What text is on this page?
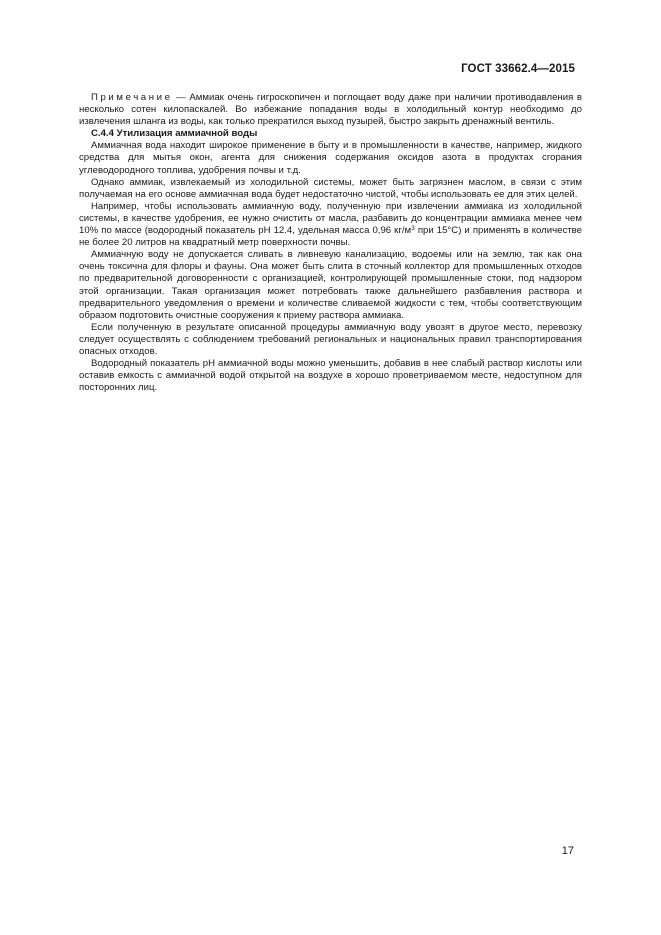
ГОСТ 33662.4—2015

Примечание — Аммиак очень гигроскопичен и поглощает воду даже при наличии противодавления в несколько сотен килопаскалей. Во избежание попадания воды в холодильный контур необходимо до извлечения шланга из воды, как только прекратился выход пузырей, быстро закрыть дренажный вентиль.

С.4.4 Утилизация аммиачной воды

Аммиачная вода находит широкое применение в быту и в промышленности в качестве, например, жидкого средства для мытья окон, агента для снижения содержания оксидов азота в продуктах сгорания углеводородного топлива, удобрения почвы и т.д.

Однако аммиак, извлекаемый из холодильной системы, может быть загрязнен маслом, в связи с этим получаемая на его основе аммиачная вода будет недостаточно чистой, чтобы использовать ее для этих целей.

Например, чтобы использовать аммиачную воду, полученную при извлечении аммиака из холодильной системы, в качестве удобрения, ее нужно очистить от масла, разбавить до концентрации аммиака менее чем 10% по массе (водородный показатель pH 12.4, удельная масса 0,96 $кг/м^3$ при 15°C) и применять в количестве не более 20 литров на квадратный метр поверхности почвы.

Аммиачную воду не допускается сливать в ливневую канализацию, водоемы или на землю, так как она очень токсична для флоры и фауны. Она может быть слита в сточный коллектор для промышленных отходов по предварительной договоренности с организацией, контролирующей промышленные стоки, под надзором этой организации. Такая организация может потребовать также дальнейшего разбавления раствора и предварительного уведомления о времени и количестве сливаемой жидкости с тем, чтобы соответствующим образом подготовить очистные сооружения к приему раствора аммиака.

Если полученную в результате описанной процедуры аммиачную воду увозят в другое место, перевозку следует осуществлять с соблюдением требований региональных и национальных правил транспортирования опасных отходов.

Водородный показатель pH аммиачной воды можно уменьшить, добавив в нее слабый раствор кислоты или оставив емкость с аммиачной водой открытой на воздухе в хорошо проветриваемом месте, недоступном для посторонних лиц.

17
